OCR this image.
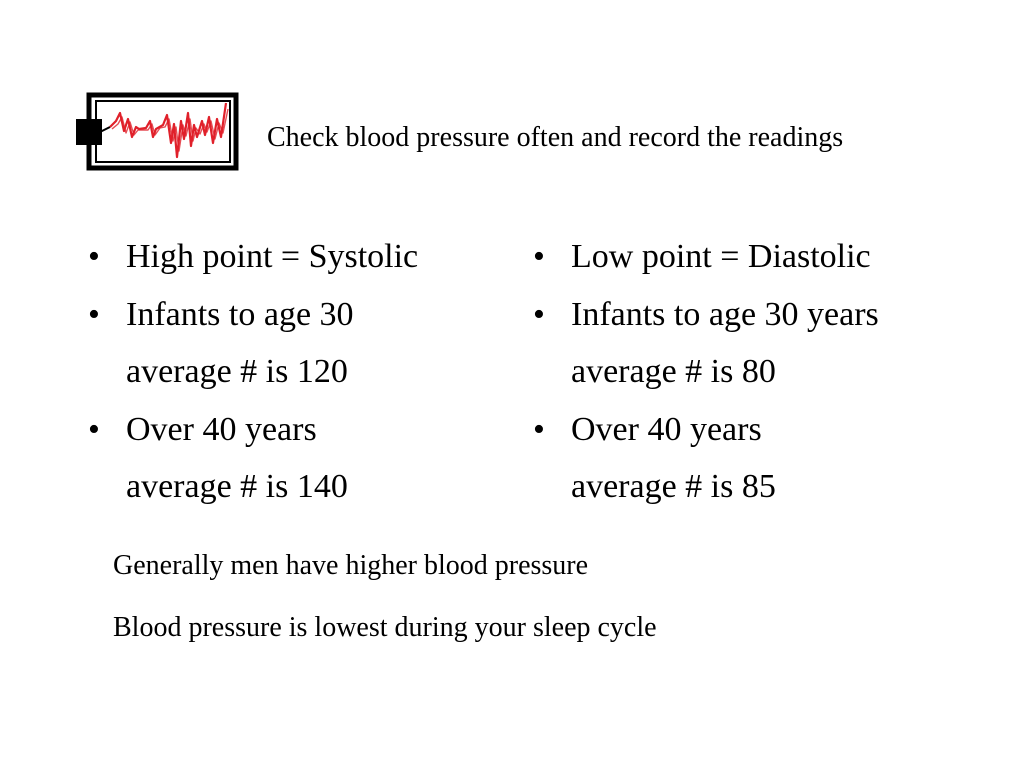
Check blood pressure often and record the readings
• High point = Systolic
• Infants to age 30
average # is 120
• Over 40 years
average # is 140
• Low point = Diastolic
• Infants to age 30 years
average # is 80
• Over 40 years
average # is 85
Generally men have higher blood pressure
Blood pressure is lowest during your sleep cycle
